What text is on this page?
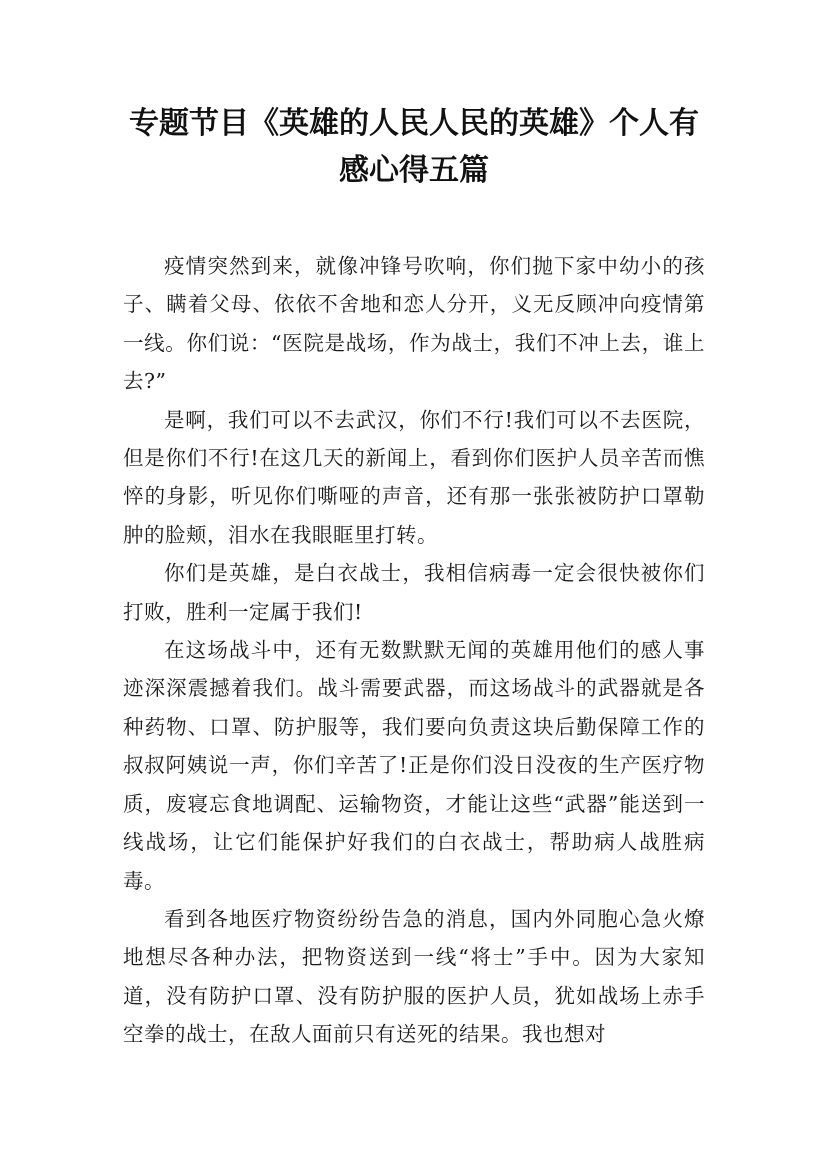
专题节目《英雄的人民人民的英雄》个人有感心得五篇

疫情突然到来，就像冲锋号吹响，你们抛下家中幼小的孩子、瞒着父母、依依不舍地和恋人分开，义无反顾冲向疫情第一线。你们说：“医院是战场，作为战士，我们不冲上去，谁上去?”

是啊，我们可以不去武汉，你们不行!我们可以不去医院，但是你们不行!在这几天的新闻上，看到你们医护人员辛苦而憔悴的身影，听见你们嘶哑的声音，还有那一张张被防护口罩勒肿的脸颊，泪水在我眼眶里打转。

你们是英雄，是白衣战士，我相信病毒一定会很快被你们打败，胜利一定属于我们!

在这场战斗中，还有无数默默无闻的英雄用他们的感人事迹深深震撼着我们。战斗需要武器，而这场战斗的武器就是各种药物、口罩、防护服等，我们要向负责这块后勤保障工作的叔叔阿姨说一声，你们辛苦了!正是你们没日没夜的生产医疗物质，废寝忘食地调配、运输物资，才能让这些“武器”能送到一线战场，让它们能保护好我们的白衣战士，帮助病人战胜病毒。

看到各地医疗物资纷纷告急的消息，国内外同胞心急火燎地想尽各种办法，把物资送到一线“将士”手中。因为大家知道，没有防护口罩、没有防护服的医护人员，犹如战场上赤手空拳的战士，在敌人面前只有送死的结果。我也想对
